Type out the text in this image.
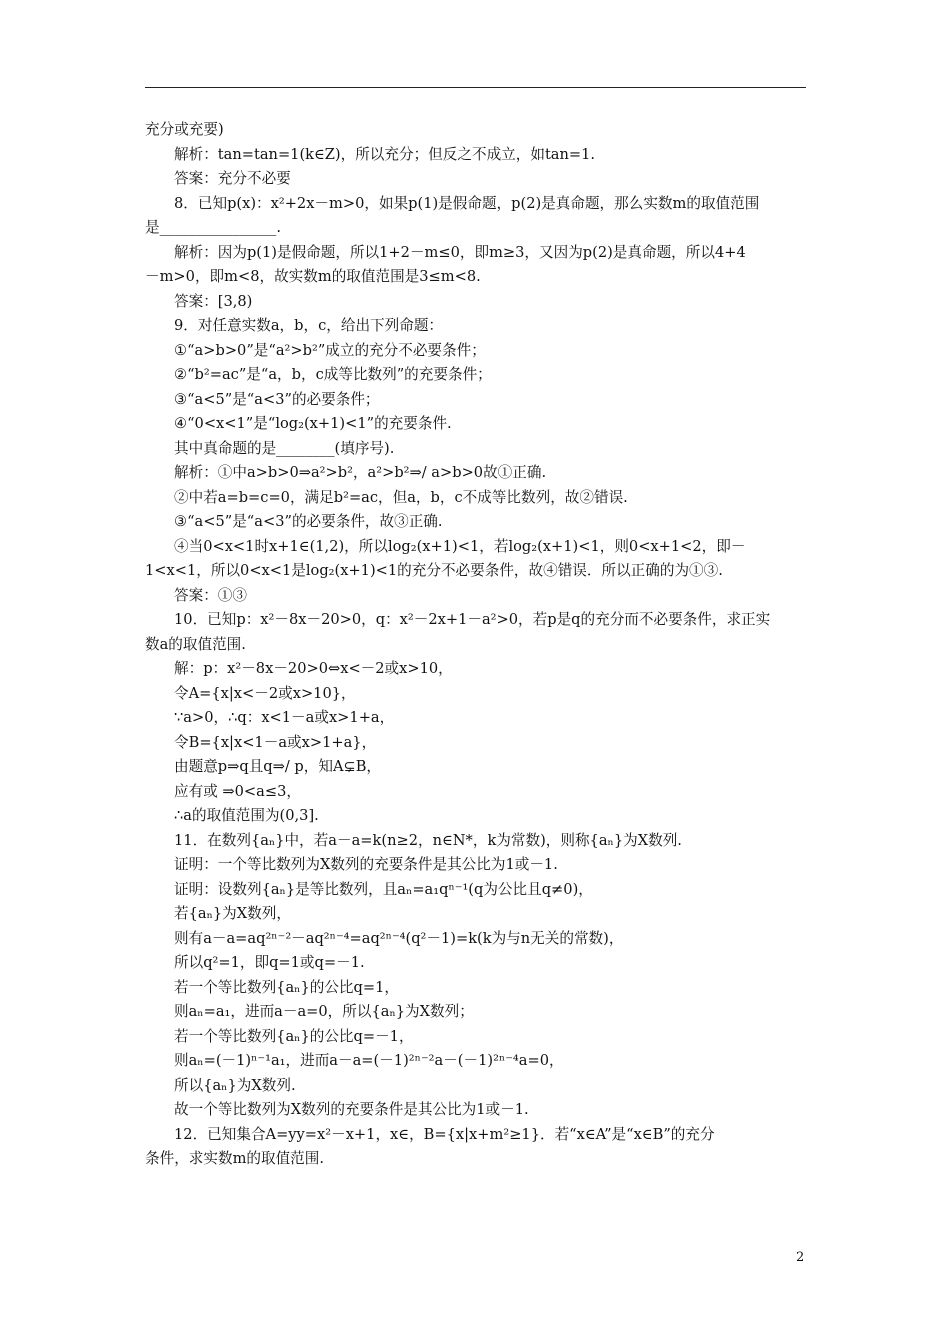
充分或充要)
解析：tan=tan=1(k∈Z)，所以充分；但反之不成立，如tan=1.
答案：充分不必要
8．已知p(x)：x²+2x－m>0，如果p(1)是假命题，p(2)是真命题，那么实数m的取值范围
是________________.
解析：因为p(1)是假命题，所以1+2－m≤0，即m≥3，又因为p(2)是真命题，所以4+4
－m>0，即m<8，故实数m的取值范围是3≤m<8.
答案：[3,8)
9．对任意实数a，b，c，给出下列命题：
①“a>b>0”是“a²>b²”成立的充分不必要条件；
②“b²=ac”是“a，b，c成等比数列”的充要条件；
③“a<5”是“a<3”的必要条件；
④“0<x<1”是“log₂(x+1)<1”的充要条件.
其中真命题的是________(填序号).
解析：①中a>b>0⇒a²>b²，a²>b²⇒/ a>b>0故①正确.
②中若a=b=c=0，满足b²=ac，但a，b，c不成等比数列，故②错误.
③“a<5”是“a<3”的必要条件，故③正确.
④当0<x<1时x+1∈(1,2)，所以log₂(x+1)<1，若log₂(x+1)<1，则0<x+1<2，即－
1<x<1，所以0<x<1是log₂(x+1)<1的充分不必要条件，故④错误．所以正确的为①③.
答案：①③
10．已知p：x²－8x－20>0，q：x²－2x+1－a²>0，若p是q的充分而不必要条件，求正实
数a的取值范围.
解：p：x²－8x－20>0⇔x<－2或x>10，
令A={x|x<－2或x>10}，
∵a>0，∴q：x<1－a或x>1+a，
令B={x|x<1－a或x>1+a}，
由题意p⇒q且q⇒/ p，知A⊊B，
应有或 ⇒0<a≤3，
∴a的取值范围为(0,3].
11．在数列{aₙ}中，若a－a=k(n≥2，n∈N*，k为常数)，则称{aₙ}为X数列.
证明：一个等比数列为X数列的充要条件是其公比为1或－1.
证明：设数列{aₙ}是等比数列，且aₙ=a₁qⁿ⁻¹(q为公比且q≠0)，
若{aₙ}为X数列，
则有a－a=aq²ⁿ⁻²－aq²ⁿ⁻⁴=aq²ⁿ⁻⁴(q²－1)=k(k为与n无关的常数)，
所以q²=1，即q=1或q=－1.
若一个等比数列{aₙ}的公比q=1，
则aₙ=a₁，进而a－a=0，所以{aₙ}为X数列；
若一个等比数列{aₙ}的公比q=－1，
则aₙ=(－1)ⁿ⁻¹a₁，进而a－a=(－1)²ⁿ⁻²a－(－1)²ⁿ⁻⁴a=0，
所以{aₙ}为X数列.
故一个等比数列为X数列的充要条件是其公比为1或－1.
12．已知集合A=yy=x²－x+1，x∈，B={x|x+m²≥1}．若“x∈A”是“x∈B”的充分
条件，求实数m的取值范围.
2
